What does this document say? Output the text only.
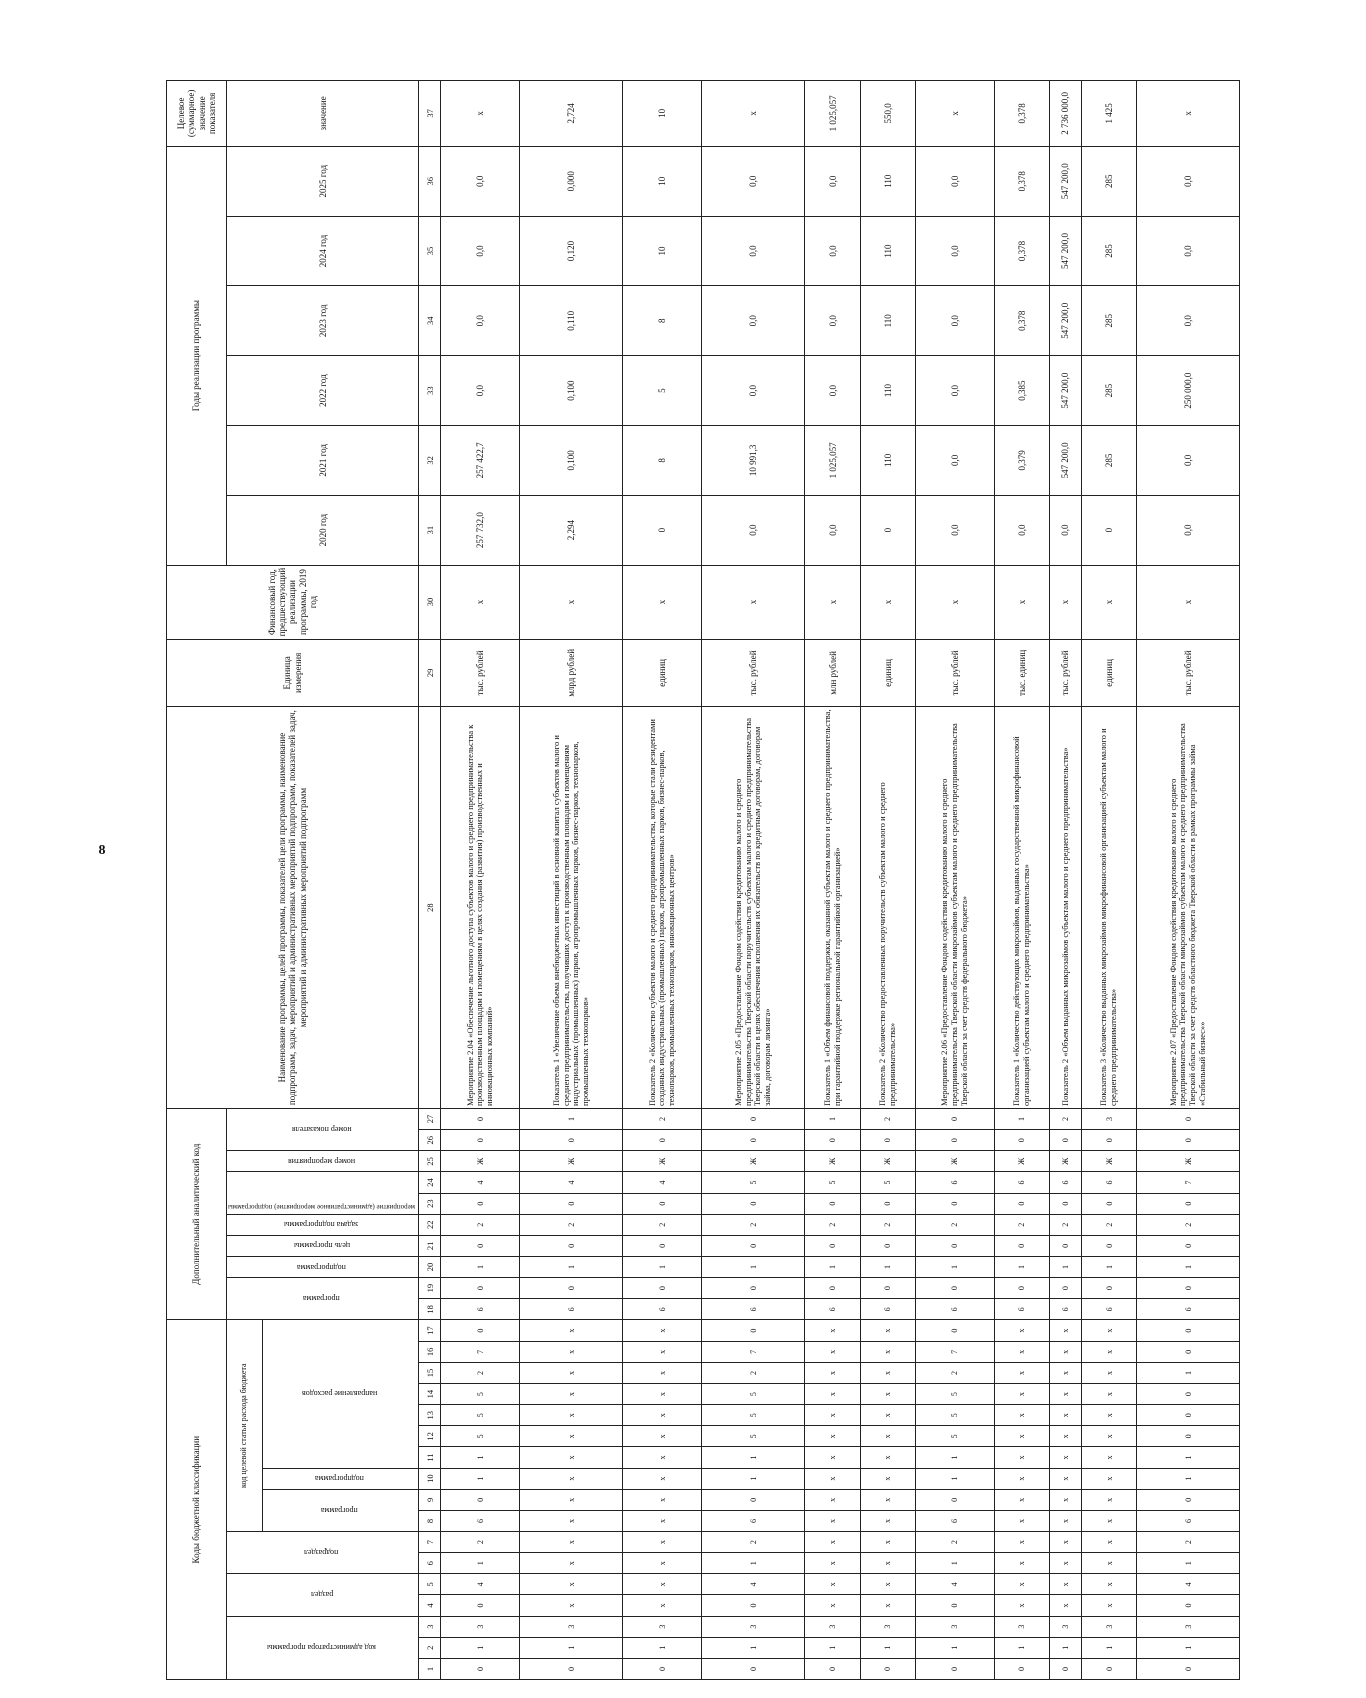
8
Коды бюджетной классификации																	Дополнительный аналитический код										Наименование программы, целей программы, показателей цели программы, наименование подпрограмм, задач, мероприятий и административных мероприятий подпрограмм, показателей задач, мероприятий и административных мероприятий подпрограмм	Единица измерения	Финансовый год, предшествующий реализации программы, 2019 год	Годы реализации программы						Целевое (суммарное) значение показателя
код администратора программы			раздел		подраздел		код целевой статьи расхода бюджета										программа		подпрограмма	цель программы	задача подпрограммы	мероприятие (административное мероприятие) подпрограммы		номер мероприятия	номер показателя					2020 год	2021 год	2022 год	2023 год	2024 год	2025 год	значение
							программа		подпрограмма	направление расходов																										
1	2	3	4	5	6	7	8	9	10	11	12	13	14	15	16	17	18	19	20	21	22	23	24	25	26	27	28	29	30	31	32	33	34	35	36	37
0	1	3	0	4	1	2	6	0	1	1	5	5	5	2	7	0	6	0	1	0	2	0	4	Ж	0	0	Мероприятие 2.04 «Обеспечение льготного доступа субъектов малого и среднего предпринимательства к производственным площадям и помещениям в целях создания (развития) производственных и инновационных компаний»	тыс. рублей	х	257 732,0	257 422,7	0,0	0,0	0,0	0,0	х
0	1	3	х	х	х	х	х	х	х	х	х	х	х	х	х	х	6	0	1	0	2	0	4	Ж	0	1	Показатель 1 «Увеличение объема внебюджетных инвестиций в основной капитал субъектов малого и среднего предпринимательства, получивших доступ к производственным площадям и помещениям индустриальных (промышленных) парков, агропромышленных парков, бизнес-парков, технопарков, промышленных технопарков»	млрд рублей	х	2,294	0,100	0,100	0,110	0,120	0,000	2,724
0	1	3	х	х	х	х	х	х	х	х	х	х	х	х	х	х	6	0	1	0	2	0	4	Ж	0	2	Показатель 2 «Количество субъектов малого и среднего предпринимательства, которые стали резидентами созданных индустриальных (промышленных) парков, агропромышленных парков, бизнес-парков, технопарков, промышленных технопарков, инновационных центров»	единиц	х	0	8	5	8	10	10	10
0	1	3	0	4	1	2	6	0	1	1	5	5	5	2	7	0	6	0	1	0	2	0	5	Ж	0	0	Мероприятие 2.05 «Предоставление Фондом содействия кредитованию малого и среднего предпринимательства Тверской области поручительств субъектам малого и среднего предпринимательства Тверской области в целях обеспечения исполнения их обязательств по кредитным договорам, договорам займа, договорам лизинга»	тыс. рублей	х	0,0	10 991,3	0,0	0,0	0,0	0,0	х
0	1	3	х	х	х	х	х	х	х	х	х	х	х	х	х	х	6	0	1	0	2	0	5	Ж	0	1	Показатель 1 «Объем финансовой поддержки, оказанной субъектам малого и среднего предпринимательства, при гарантийной поддержке региональной гарантийной организацией»	млн рублей	х	0,0	1 025,057	0,0	0,0	0,0	0,0	1 025,057
0	1	3	х	х	х	х	х	х	х	х	х	х	х	х	х	х	6	0	1	0	2	0	5	Ж	0	2	Показатель 2 «Количество предоставленных поручительств субъектам малого и среднего предпринимательства»	единиц	х	0	110	110	110	110	110	550,0
0	1	3	0	4	1	2	6	0	1	1	5	5	5	2	7	0	6	0	1	0	2	0	6	Ж	0	0	Мероприятие 2.06 «Предоставление Фондом содействия кредитованию малого и среднего предпринимательства Тверской области микрозаймов субъектам малого и среднего предпринимательства Тверской области за счет средств федерального бюджета»	тыс. рублей	х	0,0	0,0	0,0	0,0	0,0	0,0	х
0	1	3	х	х	х	х	х	х	х	х	х	х	х	х	х	х	6	0	1	0	2	0	6	Ж	0	1	Показатель 1 «Количество действующих микрозаймов, выданных государственной микрофинансовой организацией субъектам малого и среднего предпринимательства»	тыс. единиц	х	0,0	0,379	0,385	0,378	0,378	0,378	0,378
0	1	3	х	х	х	х	х	х	х	х	х	х	х	х	х	х	6	0	1	0	2	0	6	Ж	0	2	Показатель 2 «Объем выданных микрозаймов субъектам малого и среднего предпринимательства»	тыс. рублей	х	0,0	547 200,0	547 200,0	547 200,0	547 200,0	547 200,0	2 736 000,0
0	1	3	х	х	х	х	х	х	х	х	х	х	х	х	х	х	6	0	1	0	2	0	6	Ж	0	3	Показатель 3 «Количество выданных микрозаймов микрофинансовой организацией субъектам малого и среднего предпринимательства»	единиц	х	0	285	285	285	285	285	1 425
0	1	3	0	4	1	2	6	0	1	1	0	0	0	1	0	0	6	0	1	0	2	0	7	Ж	0	0	Мероприятие 2.07 «Предоставление Фондом содействия кредитованию малого и среднего предпринимательства Тверской области микрозаймов субъектам малого и среднего предпринимательства Тверской области за счет средств областного бюджета Тверской области в рамках программы займа «Стабильный бизнес»»	тыс. рублей	х	0,0	0,0	250 000,0	0,0	0,0	0,0	х
